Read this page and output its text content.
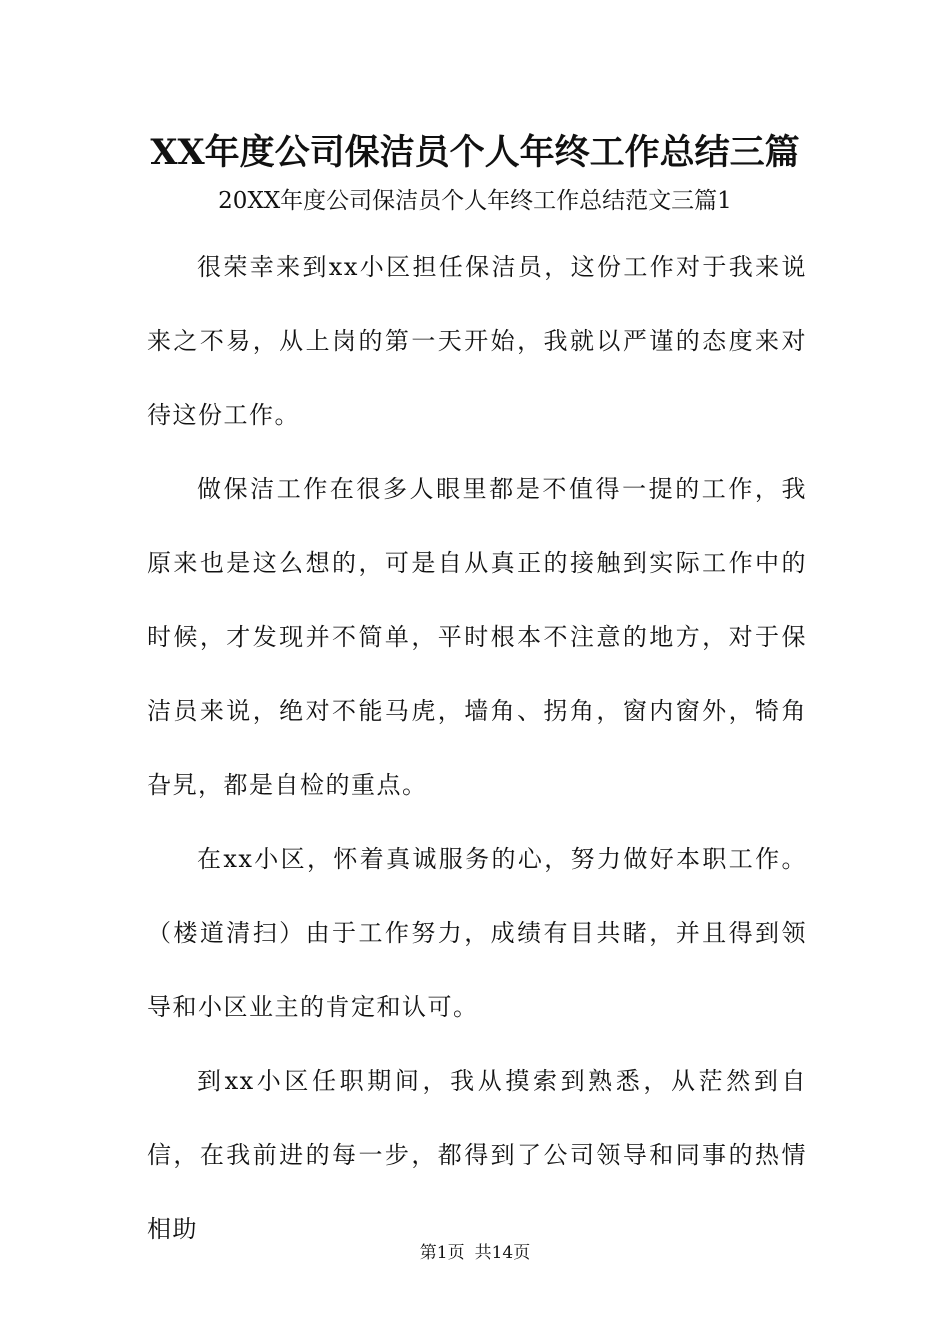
XX年度公司保洁员个人年终工作总结三篇
20XX年度公司保洁员个人年终工作总结范文三篇1

很荣幸来到xx小区担任保洁员，这份工作对于我来说来之不易，从上岗的第一天开始，我就以严谨的态度来对待这份工作。

做保洁工作在很多人眼里都是不值得一提的工作，我原来也是这么想的，可是自从真正的接触到实际工作中的时候，才发现并不简单，平时根本不注意的地方，对于保洁员来说，绝对不能马虎，墙角、拐角，窗内窗外，犄角旮旯，都是自检的重点。

在xx小区，怀着真诚服务的心，努力做好本职工作。（楼道清扫）由于工作努力，成绩有目共睹，并且得到领导和小区业主的肯定和认可。

到xx小区任职期间，我从摸索到熟悉，从茫然到自信，在我前进的每一步，都得到了公司领导和同事的热情相助

第1页 共14页
